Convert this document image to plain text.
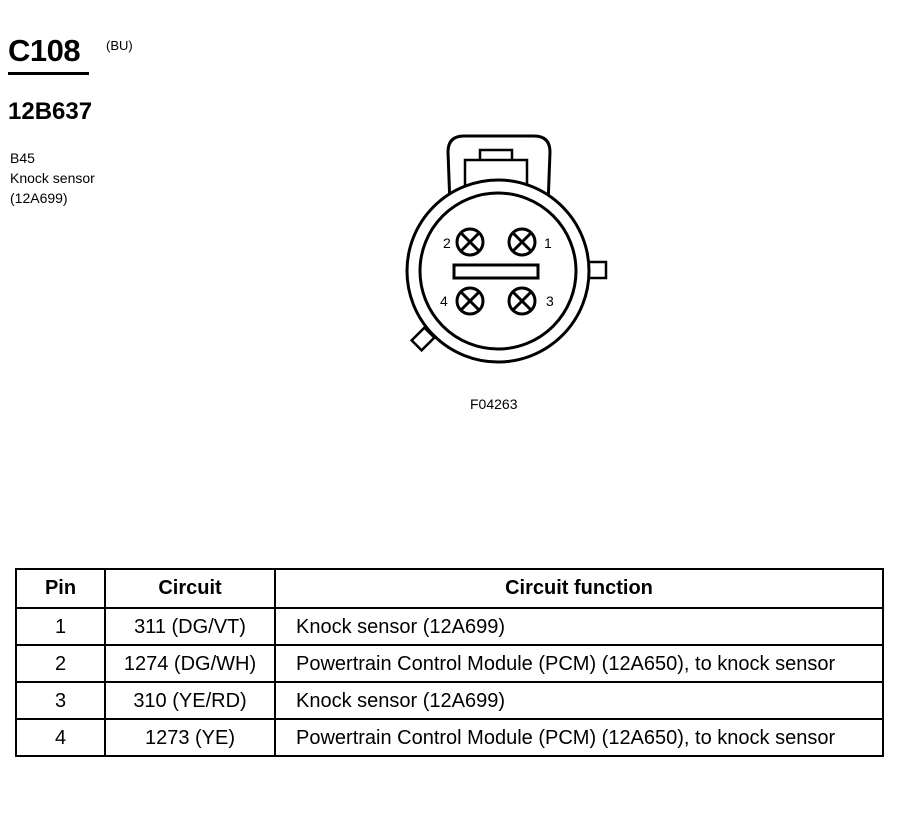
C108 (BU)
12B637
B45
Knock sensor
(12A699)
2	1
4	3
F04263
Pin	Circuit	Circuit function
1	311 (DG/VT)	Knock sensor (12A699)
2	1274 (DG/WH)	Powertrain Control Module (PCM) (12A650), to knock sensor
3	310 (YE/RD)	Knock sensor (12A699)
4	1273 (YE)	Powertrain Control Module (PCM) (12A650), to knock sensor
